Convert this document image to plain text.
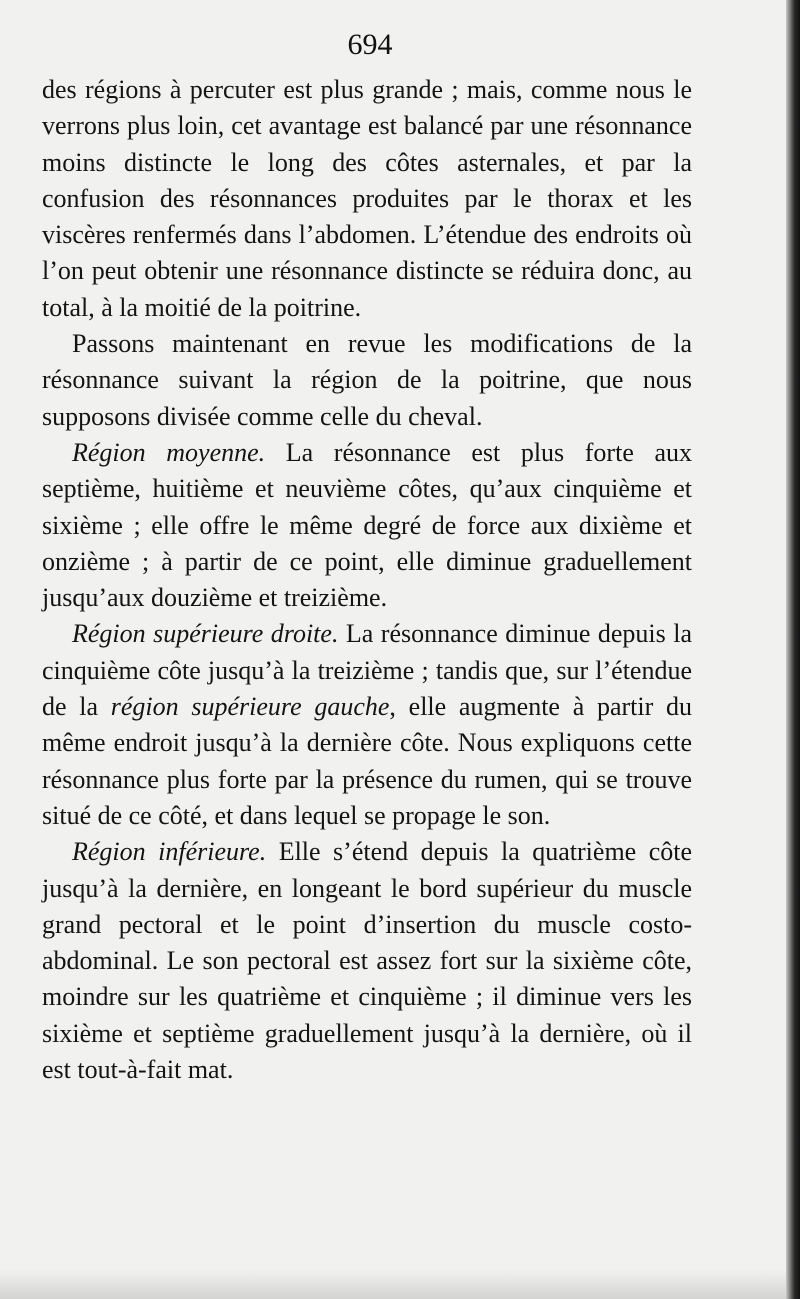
694

des régions à percuter est plus grande ; mais, comme nous le verrons plus loin, cet avantage est balancé par une résonnance moins distincte le long des côtes asternales, et par la confusion des résonnances produites par le thorax et les viscères renfermés dans l’abdomen. L’étendue des endroits où l’on peut obtenir une résonnance distincte se réduira donc, au total, à la moitié de la poitrine.

Passons maintenant en revue les modifications de la résonnance suivant la région de la poitrine, que nous supposons divisée comme celle du cheval.

Région moyenne. La résonnance est plus forte aux septième, huitième et neuvième côtes, qu’aux cinquième et sixième ; elle offre le même degré de force aux dixième et onzième ; à partir de ce point, elle diminue graduellement jusqu’aux douzième et treizième.

Région supérieure droite. La résonnance diminue depuis la cinquième côte jusqu’à la treizième ; tandis que, sur l’étendue de la région supérieure gauche, elle augmente à partir du même endroit jusqu’à la dernière côte. Nous expliquons cette résonnance plus forte par la présence du rumen, qui se trouve situé de ce côté, et dans lequel se propage le son.

Région inférieure. Elle s’étend depuis la quatrième côte jusqu’à la dernière, en longeant le bord supérieur du muscle grand pectoral et le point d’insertion du muscle costo-abdominal. Le son pectoral est assez fort sur la sixième côte, moindre sur les quatrième et cinquième ; il diminue vers les sixième et septième graduellement jusqu’à la dernière, où il est tout-à-fait mat.
